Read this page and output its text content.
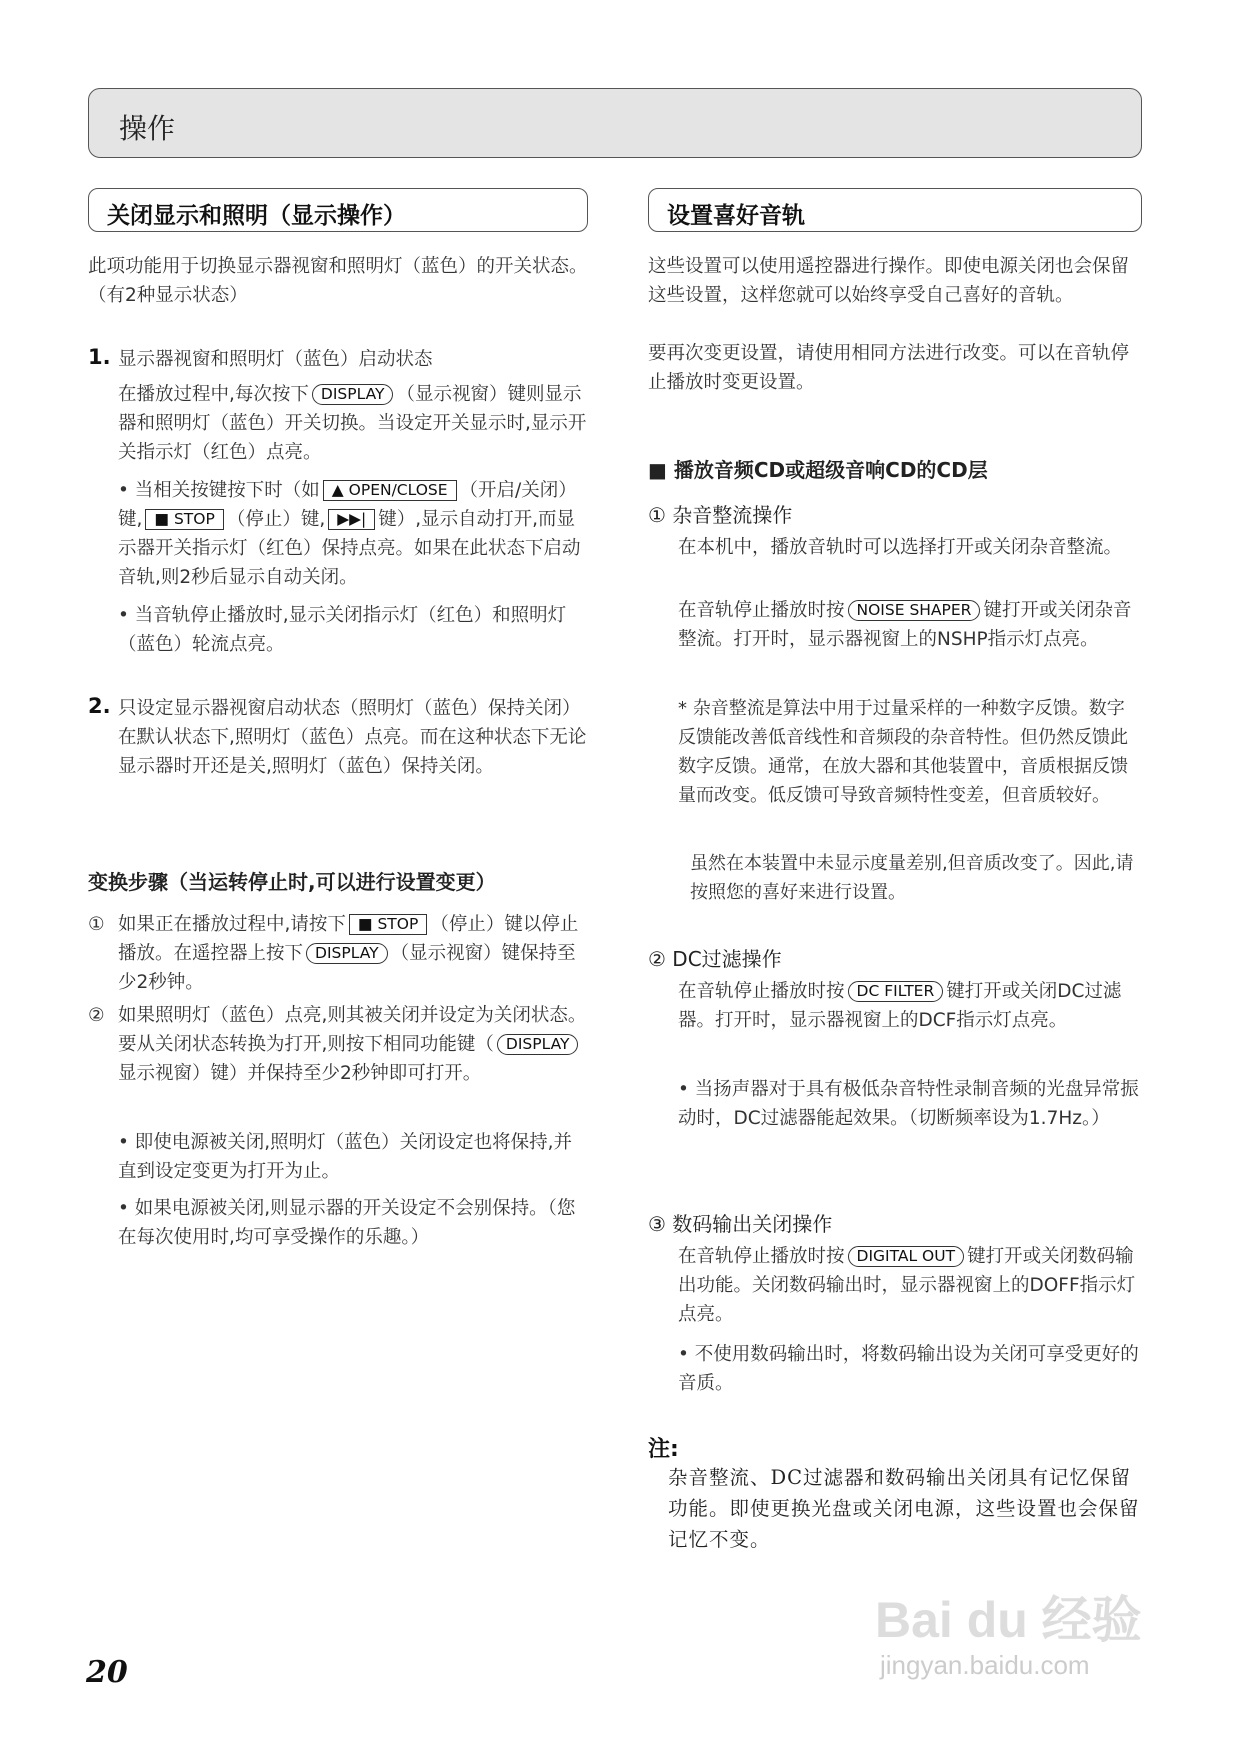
操作
关闭显示和照明（显示操作）
此项功能用于切换显示器视窗和照明灯（蓝色）的开关状态。（有2种显示状态）
1. 显示器视窗和照明灯（蓝色）启动状态
在播放过程中,每次按下 DISPLAY （显示视窗）键则显示器和照明灯（蓝色）开关切换。当设定开关显示时,显示开关指示灯（红色）点亮。
• 当相关按键按下时（如 ▲ OPEN/CLOSE （开启/关闭）键, ■ STOP （停止）键, ▶▶| 键）,显示自动打开,而显示器开关指示灯（红色）保持点亮。如果在此状态下启动音轨,则2秒后显示自动关闭。
• 当音轨停止播放时,显示关闭指示灯（红色）和照明灯（蓝色）轮流点亮。
2. 只设定显示器视窗启动状态（照明灯（蓝色）保持关闭）在默认状态下,照明灯（蓝色）点亮。而在这种状态下无论显示器时开还是关,照明灯（蓝色）保持关闭。
变换步骤（当运转停止时,可以进行设置变更）
① 如果正在播放过程中,请按下 ■ STOP （停止）键以停止播放。在遥控器上按下 DISPLAY （显示视窗）键保持至少2秒钟。
② 如果照明灯（蓝色）点亮,则其被关闭并设定为关闭状态。要从关闭状态转换为打开,则按下相同功能键（ DISPLAY显示视窗）键）并保持至少2秒钟即可打开。
• 即使电源被关闭,照明灯（蓝色）关闭设定也将保持,并直到设定变更为打开为止。
• 如果电源被关闭,则显示器的开关设定不会别保持。（您在每次使用时,均可享受操作的乐趣。）
设置喜好音轨
这些设置可以使用遥控器进行操作。即使电源关闭也会保留这些设置，这样您就可以始终享受自己喜好的音轨。
要再次变更设置，请使用相同方法进行改变。可以在音轨停止播放时变更设置。
■ 播放音频CD或超级音响CD的CD层
① 杂音整流操作
在本机中，播放音轨时可以选择打开或关闭杂音整流。
在音轨停止播放时按 NOISE SHAPER 键打开或关闭杂音整流。打开时，显示器视窗上的NSHP指示灯点亮。
* 杂音整流是算法中用于过量采样的一种数字反馈。数字反馈能改善低音线性和音频段的杂音特性。但仍然反馈此数字反馈。通常，在放大器和其他装置中，音质根据反馈量而改变。低反馈可导致音频特性变差，但音质较好。
虽然在本装置中未显示度量差别,但音质改变了。因此,请按照您的喜好来进行设置。
② DC过滤操作
在音轨停止播放时按 DC FILTER 键打开或关闭DC过滤器。打开时，显示器视窗上的DCF指示灯点亮。
• 当扬声器对于具有极低杂音特性录制音频的光盘异常振动时，DC过滤器能起效果。（切断频率设为1.7Hz。）
③ 数码输出关闭操作
在音轨停止播放时按 DIGITAL OUT 键打开或关闭数码输出功能。关闭数码输出时，显示器视窗上的DOFF指示灯点亮。
• 不使用数码输出时，将数码输出设为关闭可享受更好的音质。
注:
杂音整流、DC过滤器和数码输出关闭具有记忆保留功能。即使更换光盘或关闭电源，这些设置也会保留记忆不变。
20
Bai du 经验
jingyan.baidu.com
